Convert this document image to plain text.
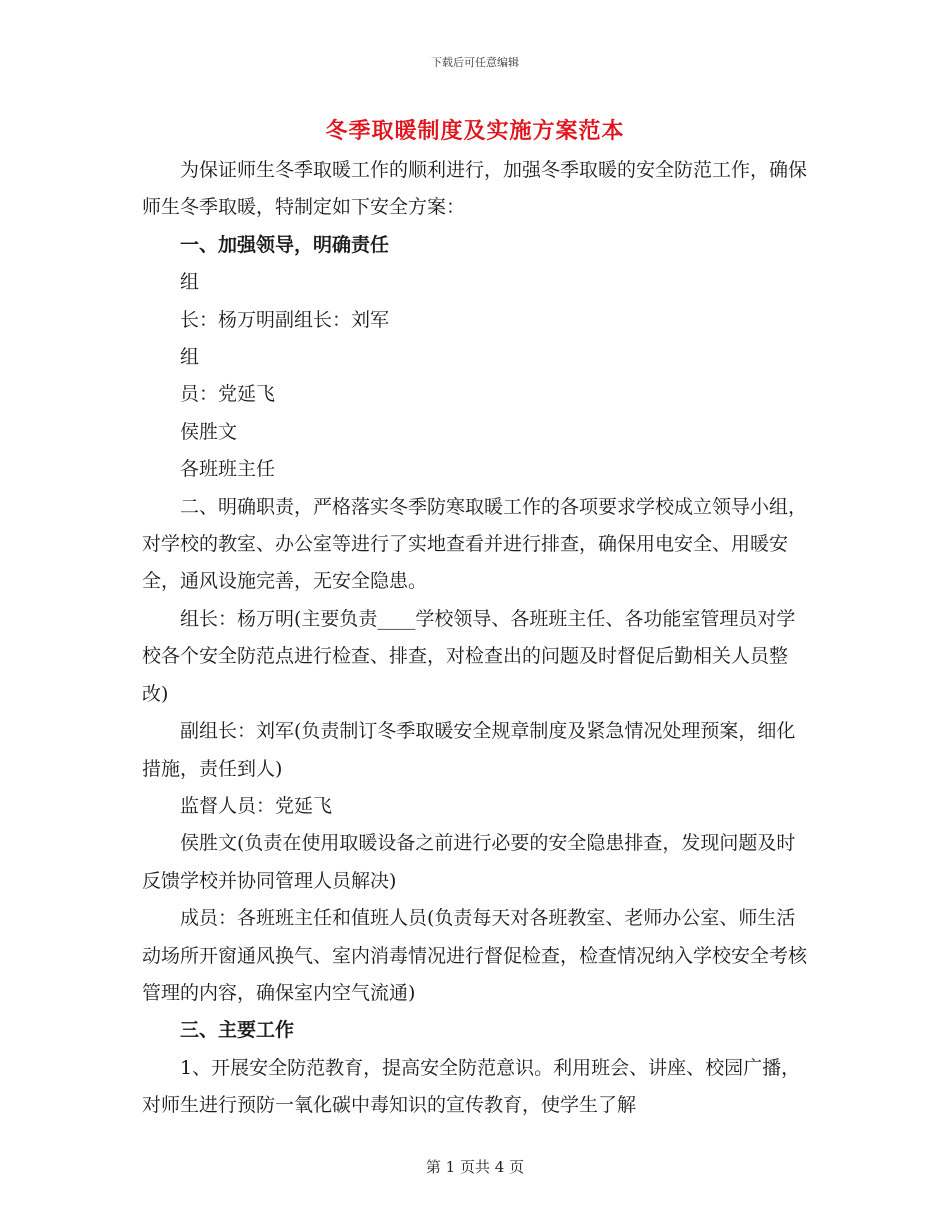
下载后可任意编辑
冬季取暖制度及实施方案范本

为保证师生冬季取暖工作的顺利进行，加强冬季取暖的安全防范工作，确保师生冬季取暖，特制定如下安全方案：

一、加强领导，明确责任

组

长：杨万明副组长：刘军

组

员：党延飞

侯胜文

各班班主任

二、明确职责，严格落实冬季防寒取暖工作的各项要求学校成立领导小组，对学校的教室、办公室等进行了实地查看并进行排查，确保用电安全、用暖安全，通风设施完善，无安全隐患。

组长：杨万明(主要负责____学校领导、各班班主任、各功能室管理员对学校各个安全防范点进行检查、排查，对检查出的问题及时督促后勤相关人员整改)

副组长：刘军(负责制订冬季取暖安全规章制度及紧急情况处理预案，细化措施，责任到人)

监督人员：党延飞

侯胜文(负责在使用取暖设备之前进行必要的安全隐患排查，发现问题及时反馈学校并协同管理人员解决)

成员：各班班主任和值班人员(负责每天对各班教室、老师办公室、师生活动场所开窗通风换气、室内消毒情况进行督促检查，检查情况纳入学校安全考核管理的内容，确保室内空气流通)

三、主要工作

1、开展安全防范教育，提高安全防范意识。利用班会、讲座、校园广播，对师生进行预防一氧化碳中毒知识的宣传教育，使学生了解

第 1 页共 4 页
